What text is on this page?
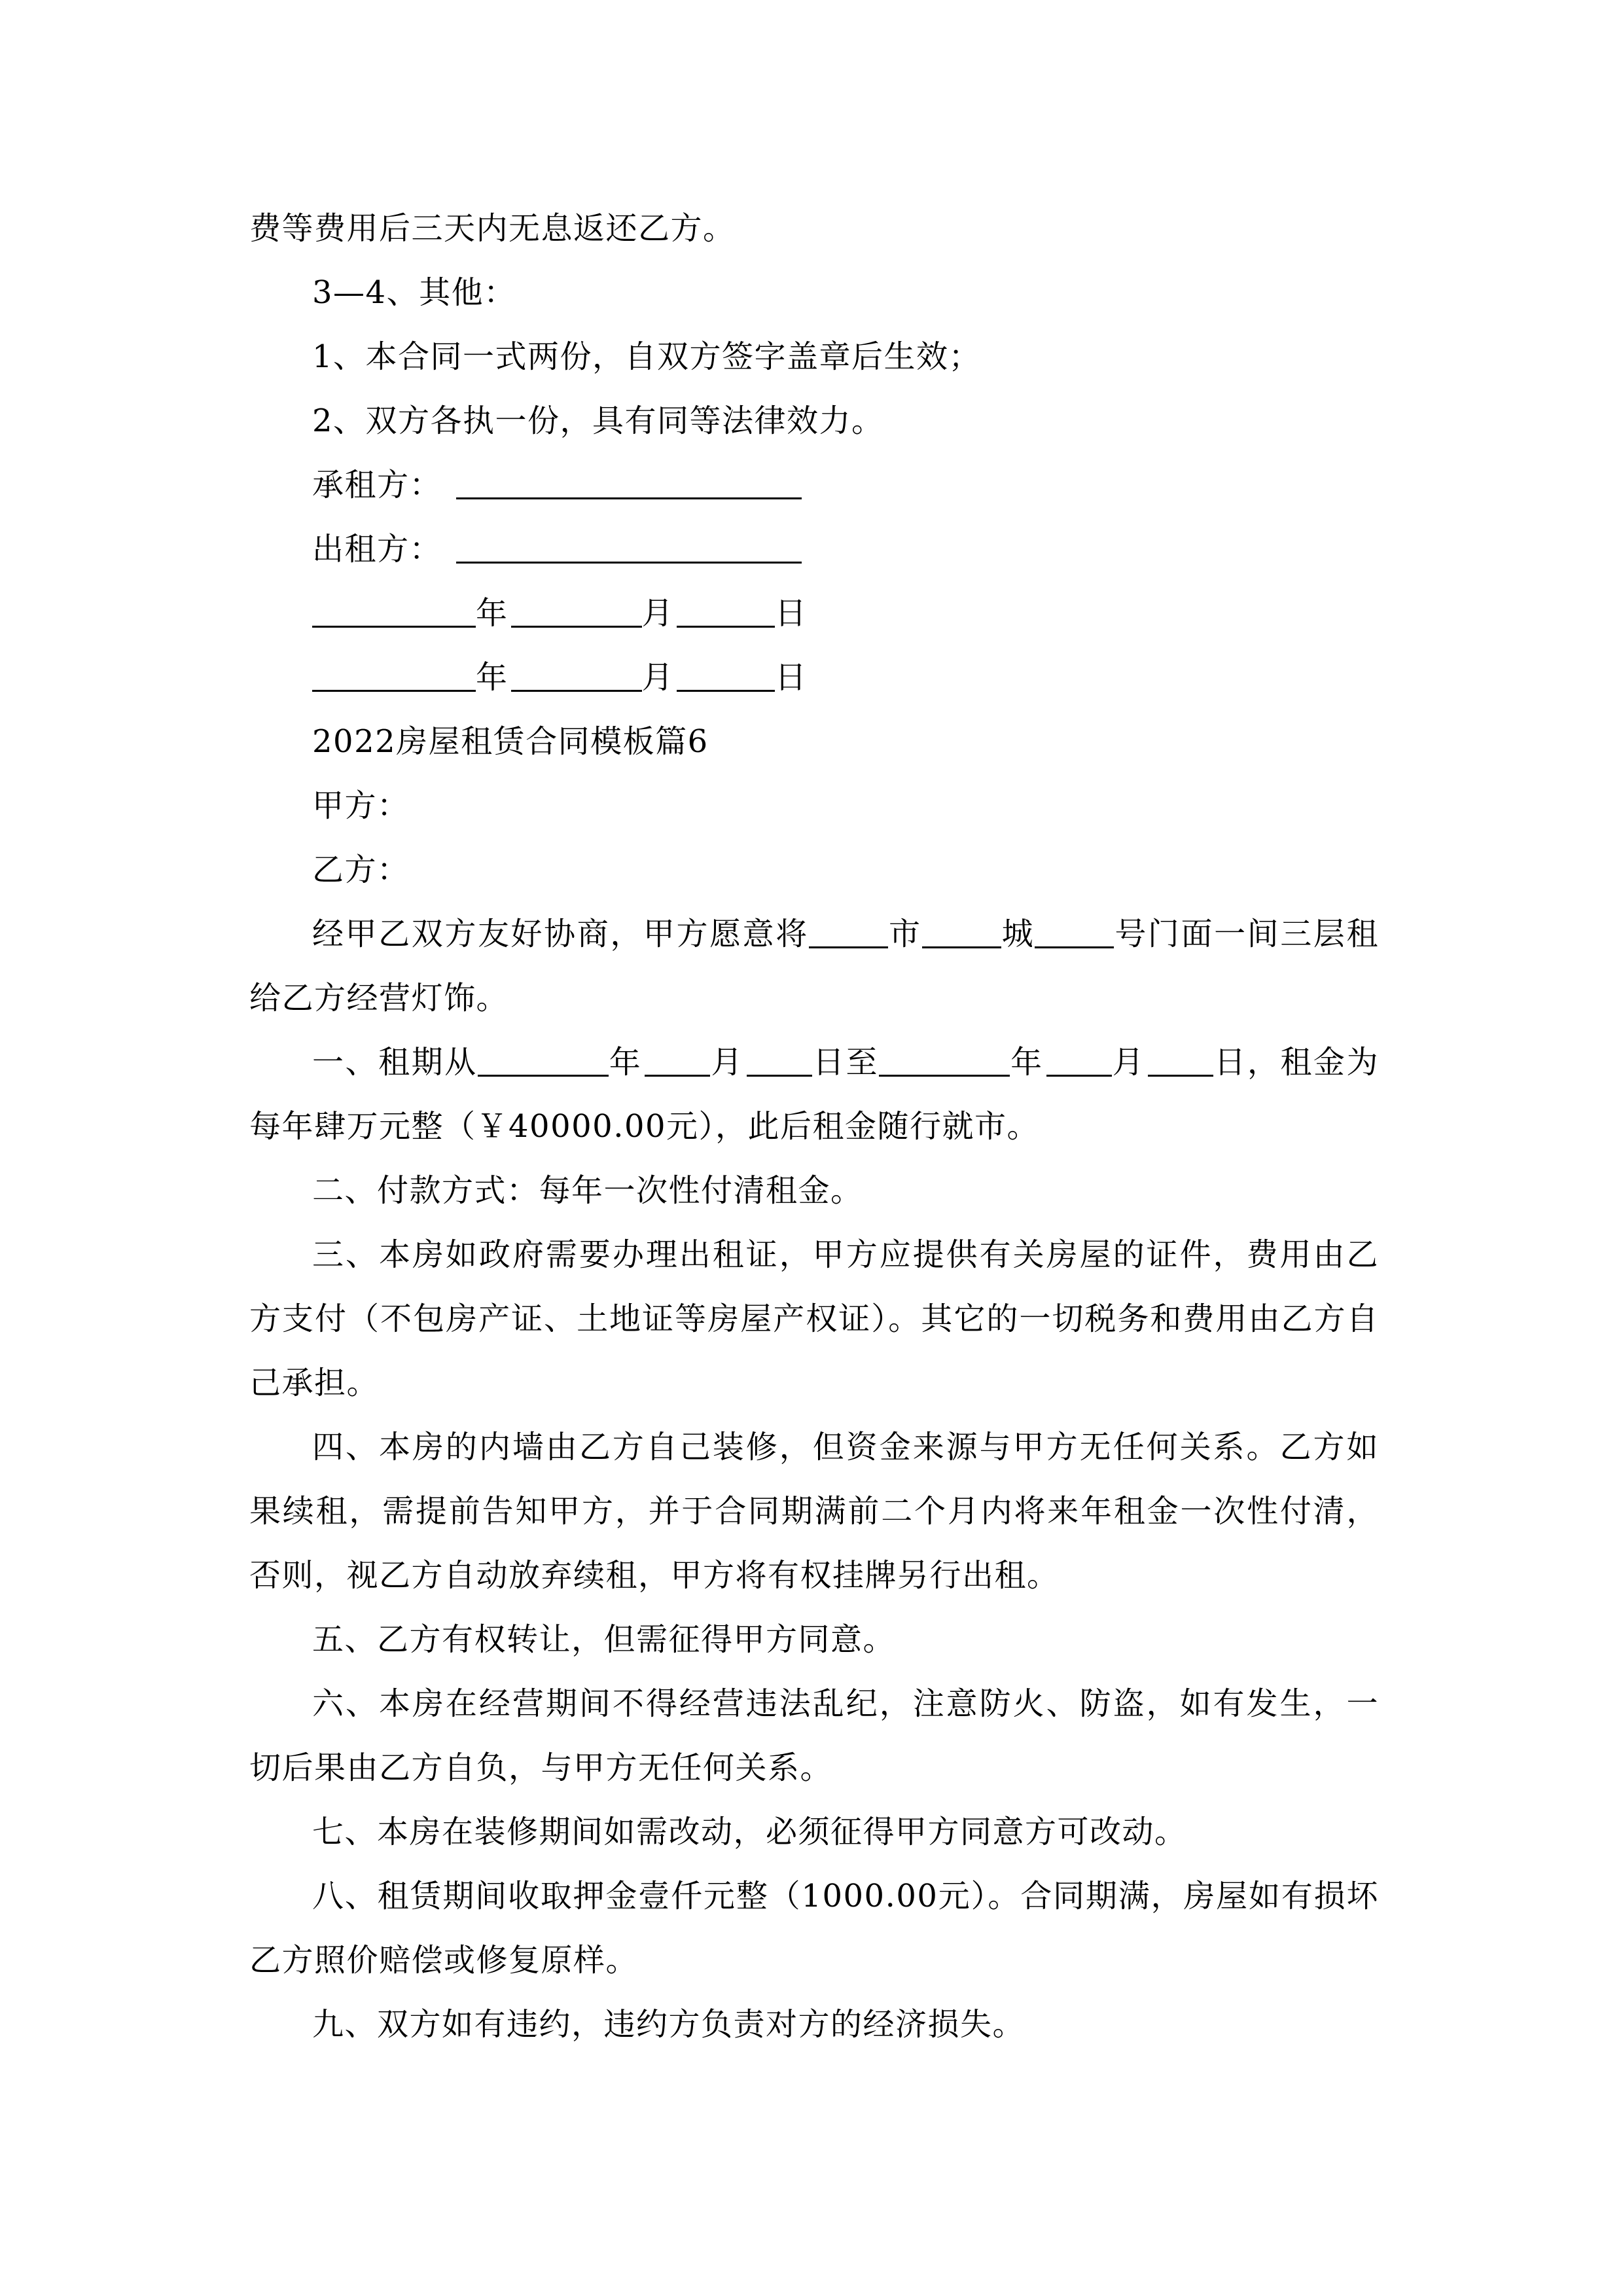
费等费用后三天内无息返还乙方。

3—4、其他：

1、本合同一式两份，自双方签字盖章后生效；

2、双方各执一份，具有同等法律效力。

承租方：

出租方：

年	月	日

年	月	日

2022房屋租赁合同模板篇6

甲方：

乙方：

经甲乙双方友好协商，甲方愿意将	市	城	号门面一间三层租给乙方经营灯饰。

一、租期从	年 月 日至	年 月 日，租金为每年肆万元整（￥40000.00元），此后租金随行就市。

二、付款方式：每年一次性付清租金。

三、本房如政府需要办理出租证，甲方应提供有关房屋的证件，费用由乙方支付（不包房产证、土地证等房屋产权证）。其它的一切税务和费用由乙方自己承担。

四、本房的内墙由乙方自己装修，但资金来源与甲方无任何关系。乙方如果续租，需提前告知甲方，并于合同期满前二个月内将来年租金一次性付清，否则，视乙方自动放弃续租，甲方将有权挂牌另行出租。

五、乙方有权转让，但需征得甲方同意。

六、本房在经营期间不得经营违法乱纪，注意防火、防盗，如有发生，一切后果由乙方自负，与甲方无任何关系。

七、本房在装修期间如需改动，必须征得甲方同意方可改动。

八、租赁期间收取押金壹仟元整（1000.00元）。合同期满，房屋如有损坏乙方照价赔偿或修复原样。

九、双方如有违约，违约方负责对方的经济损失。
